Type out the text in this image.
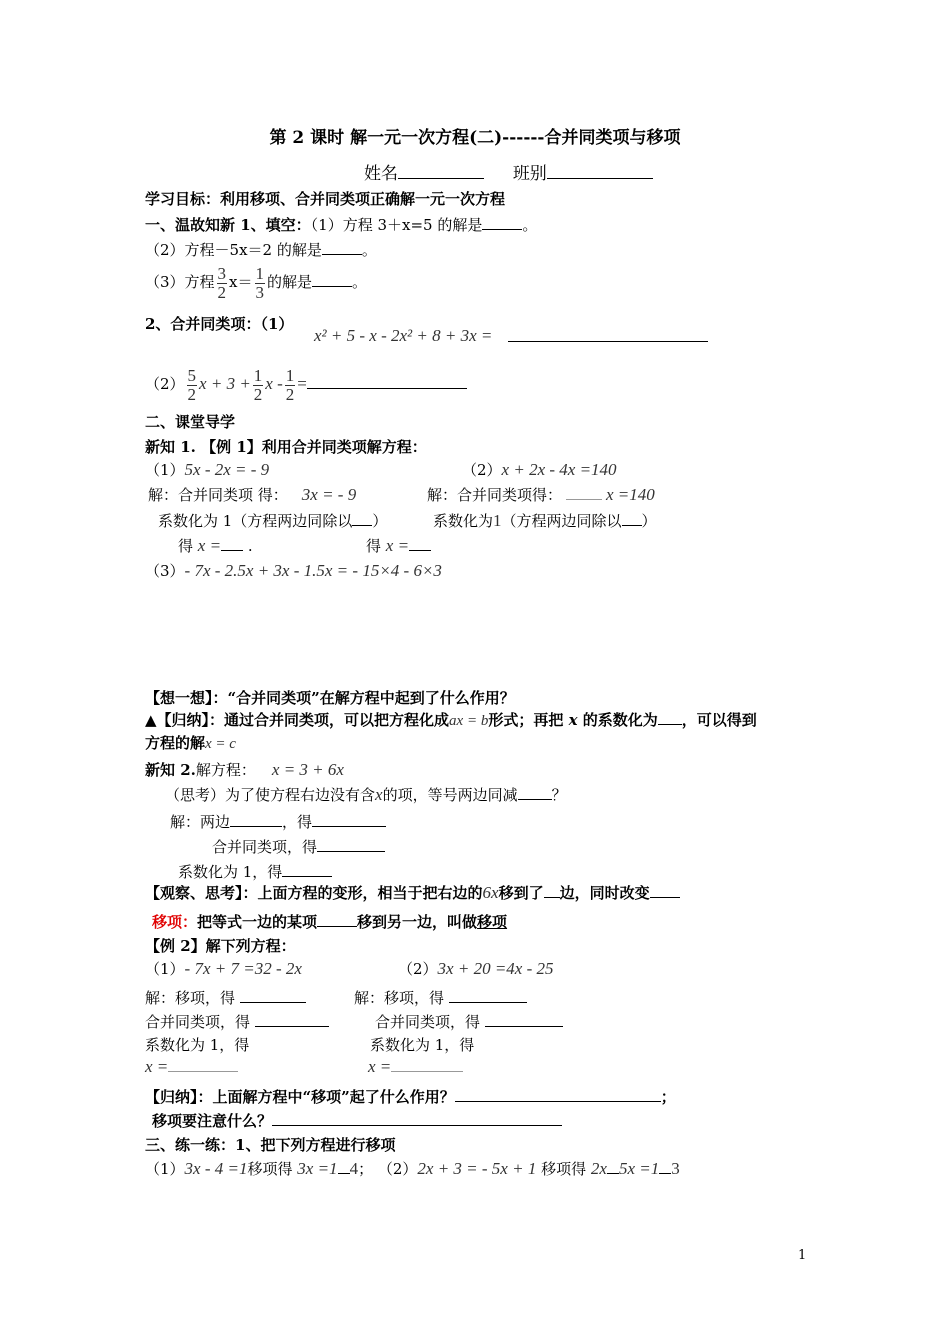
第 2 课时 解一元一次方程(二)------合并同类项与移项
姓名	班别
学习目标：利用移项、合并同类项正确解一元一次方程
一、温故知新 1、填空：（1）方程 3＋x=5 的解是	。
（2）方程－5x＝2 的解是	。
（3）方程 $\frac{3}{2} x= \frac{1}{3}$ 的解是	。
2、合并同类项：（1）
x² + 5 - x - 2x² + 8 + 3x =
$(2) \frac{5}{2}$ $x + 3 + \frac{1}{2}$ x - $\frac{1}{2}$ =
二、课堂导学
新知 1. 【例 1】利用合并同类项解方程：
（1）5x - 2x = - 9	（2）x + 2x - 4x =140
解：合并同类项 得： 3x = - 9	解：合并同类项得：	x =140
系数化为 1（方程两边同除以 ）	系数化为1（方程两边同除以 ）
得 x = .	得 x =
（3）- 7x - 2.5x + 3x - 1.5x = - 15×4 - 6×3
【想一想】：“合并同类项”在解方程中起到了什么作用？
▲【归纳】：通过合并同类项，可以把方程化成ax = b形式；再把 x 的系数化为 ，可以得到
方程的解x = c
新知 2.解方程： x = 3 + 6x
（思考）为了使方程右边没有含x的项，等号两边同减 ？
解：两边	，得
合并同类项，得
系数化为 1，得
【观察、思考】：上面方程的变形，相当于把右边的6x移到了 边，同时改变
移项：把等式一边的某项	移到另一边，叫做移项
【例 2】解下列方程：
（1）- 7x + 7 =32 - 2x	（2）3x + 20 =4x - 25
解：移项，得	解：移项，得
合并同类项，得	合并同类项，得
系数化为 1，得	系数化为 1，得
x =	x =
【归纳】：上面解方程中“移项”起了什么作用？	；
移项要注意什么？
三、练一练：1、把下列方程进行移项
（1）3x - 4 =1移项得 3x =1 4； （2）2x + 3 = - 5x + 1 移项得 2x 5x =1 3
1
